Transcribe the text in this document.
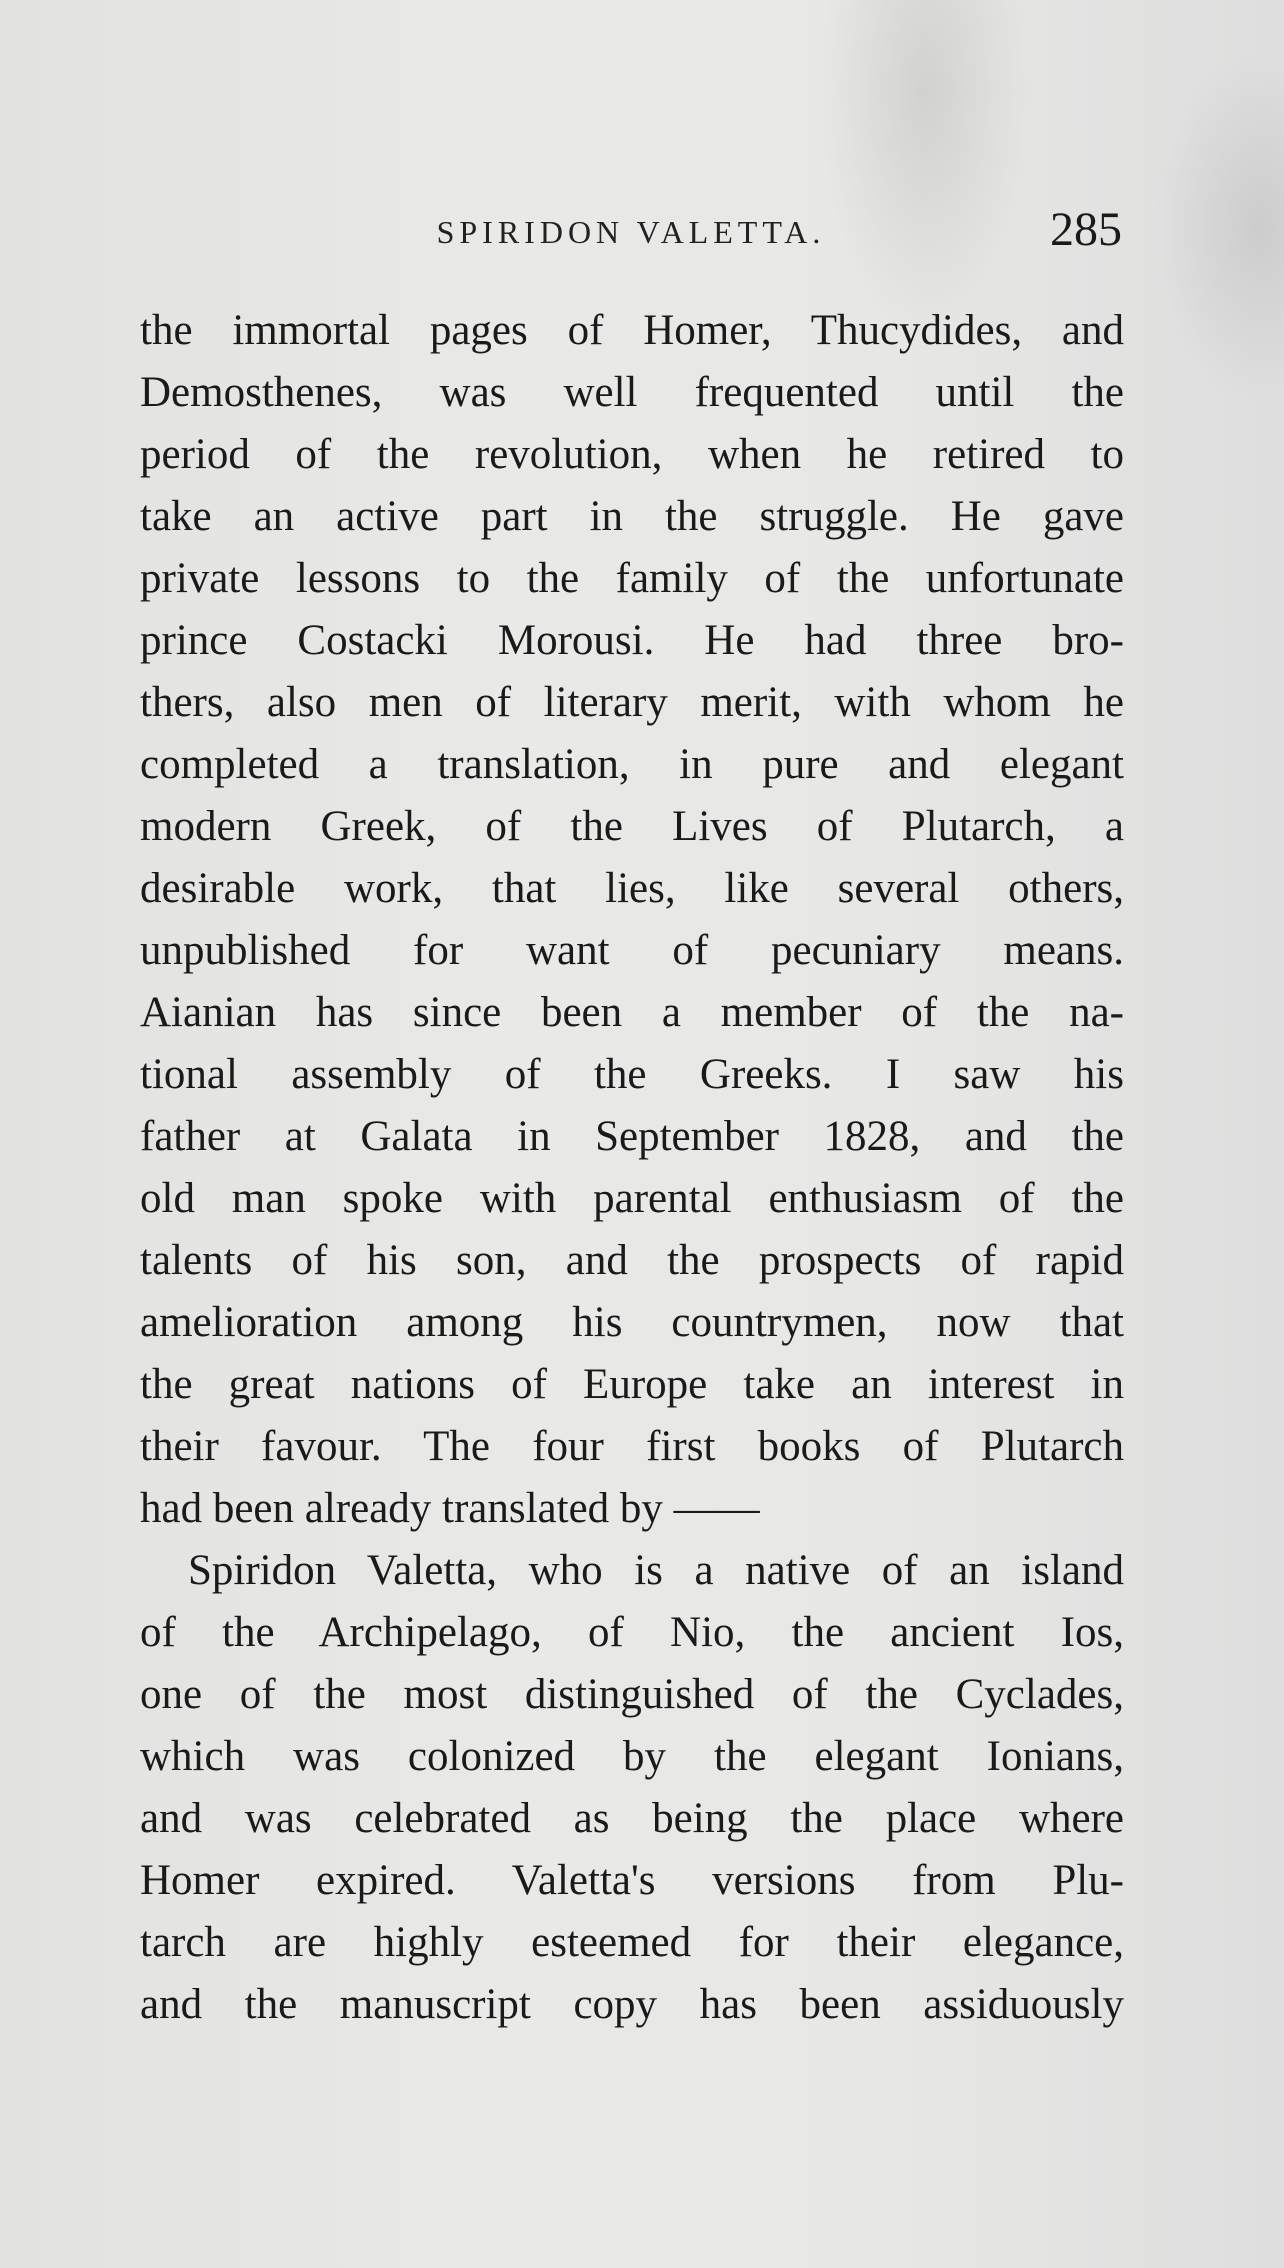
SPIRIDON VALETTA.	285
the immortal pages of Homer, Thucydides, and
Demosthenes, was well frequented until the
period of the revolution, when he retired to
take an active part in the struggle. He gave
private lessons to the family of the unfortunate
prince Costacki Morousi. He had three bro-
thers, also men of literary merit, with whom he
completed a translation, in pure and elegant
modern Greek, of the Lives of Plutarch, a
desirable work, that lies, like several others,
unpublished for want of pecuniary means.
Aianian has since been a member of the na-
tional assembly of the Greeks. I saw his
father at Galata in September 1828, and the
old man spoke with parental enthusiasm of the
talents of his son, and the prospects of rapid
amelioration among his countrymen, now that
the great nations of Europe take an interest in
their favour. The four first books of Plutarch
had been already translated by ——
Spiridon Valetta, who is a native of an island
of the Archipelago, of Nio, the ancient Ios,
one of the most distinguished of the Cyclades,
which was colonized by the elegant Ionians,
and was celebrated as being the place where
Homer expired. Valetta's versions from Plu-
tarch are highly esteemed for their elegance,
and the manuscript copy has been assiduously
